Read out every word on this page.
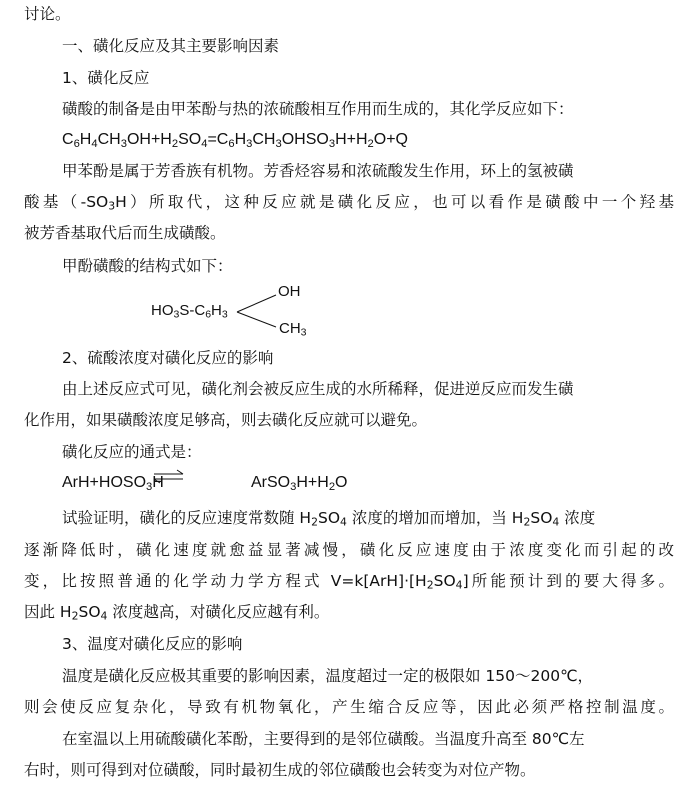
讨论。
一、磺化反应及其主要影响因素
1、磺化反应
磺酸的制备是由甲苯酚与热的浓硫酸相互作用而生成的，其化学反应如下：
$C_6H_4CH_3OH+H_2SO_4=C_6H_3CH_3OHSO_3H+H_2O+Q$
甲苯酚是属于芳香族有机物。芳香烃容易和浓硫酸发生作用，环上的氢被磺
酸基$(-SO_3H)$所取代，这种反应就是磺化反应，也可以看作是磺酸中一个羟基
被芳香基取代后而生成磺酸。
甲酚磺酸的结构式如下：
OH
$HO_3S-C_6H_3$
$CH_3$
2、硫酸浓度对磺化反应的影响
由上述反应式可见，磺化剂会被反应生成的水所稀释，促进逆反应而发生磺
化作用，如果磺酸浓度足够高，则去磺化反应就可以避免。
磺化反应的通式是：
$ArH+HOSO_3H$	$ArSO_3H+H_2O$
试验证明，磺化的反应速度常数随 $H_2SO_4$ 浓度的增加而增加，当 $H_2SO_4$ 浓度
逐渐降低时，磺化速度就愈益显著减慢，磺化反应速度由于浓度变化而引起的改
变，比按照普通的化学动力学方程式 $V=k[ArH]\cdot[H_2SO_4]$所能预计到的要大得多。
因此 $H_2SO_4$ 浓度越高，对磺化反应越有利。
3、温度对磺化反应的影响
温度是磺化反应极其重要的影响因素，温度超过一定的极限如 150～200℃，
则会使反应复杂化，导致有机物氧化，产生缩合反应等，因此必须严格控制温度。
在室温以上用硫酸磺化苯酚，主要得到的是邻位磺酸。当温度升高至 80℃左
右时，则可得到对位磺酸，同时最初生成的邻位磺酸也会转变为对位产物。
